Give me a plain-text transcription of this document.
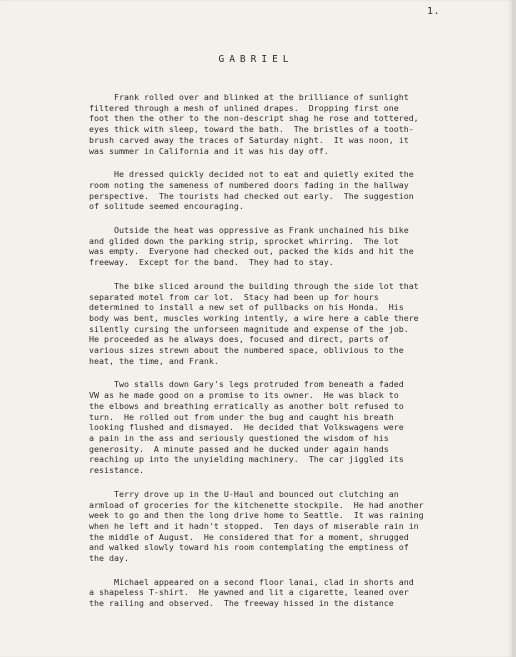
1.
GABRIEL

Frank rolled over and blinked at the brilliance of sunlight
filtered through a mesh of unlined drapes.  Dropping first one
foot then the other to the non-descript shag he rose and tottered,
eyes thick with sleep, toward the bath.  The bristles of a tooth-
brush carved away the traces of Saturday night.  It was noon, it
was summer in California and it was his day off.

He dressed quickly decided not to eat and quietly exited the
room noting the sameness of numbered doors fading in the hallway
perspective.  The tourists had checked out early.  The suggestion
of solitude seemed encouraging.

Outside the heat was oppressive as Frank unchained his bike
and glided down the parking strip, sprocket whirring.  The lot
was empty.  Everyone had checked out, packed the kids and hit the
freeway.  Except for the band.  They had to stay.

The bike sliced around the building through the side lot that
separated motel from car lot.  Stacy had been up for hours
determined to install a new set of pullbacks on his Honda.  His
body was bent, muscles working intently, a wire here a cable there
silently cursing the unforseen magnitude and expense of the job.
He proceeded as he always does, focused and direct, parts of
various sizes strewn about the numbered space, oblivious to the
heat, the time, and Frank.

Two stalls down Gary's legs protruded from beneath a faded
VW as he made good on a promise to its owner.  He was black to
the elbows and breathing erratically as another bolt refused to
turn.  He rolled out from under the bug and caught his breath
looking flushed and dismayed.  He decided that Volkswagens were
a pain in the ass and seriously questioned the wisdom of his
generosity.  A minute passed and he ducked under again hands
reaching up into the unyielding machinery.  The car jiggled its
resistance.

Terry drove up in the U-Haul and bounced out clutching an
armload of groceries for the kitchenette stockpile.  He had another
week to go and then the long drive home to Seattle.  It was raining
when he left and it hadn't stopped.  Ten days of miserable rain in
the middle of August.  He considered that for a moment, shrugged
and walked slowly toward his room contemplating the emptiness of
the day.

Michael appeared on a second floor lanai, clad in shorts and
a shapeless T-shirt.  He yawned and lit a cigarette, leaned over
the railing and observed.  The freeway hissed in the distance
